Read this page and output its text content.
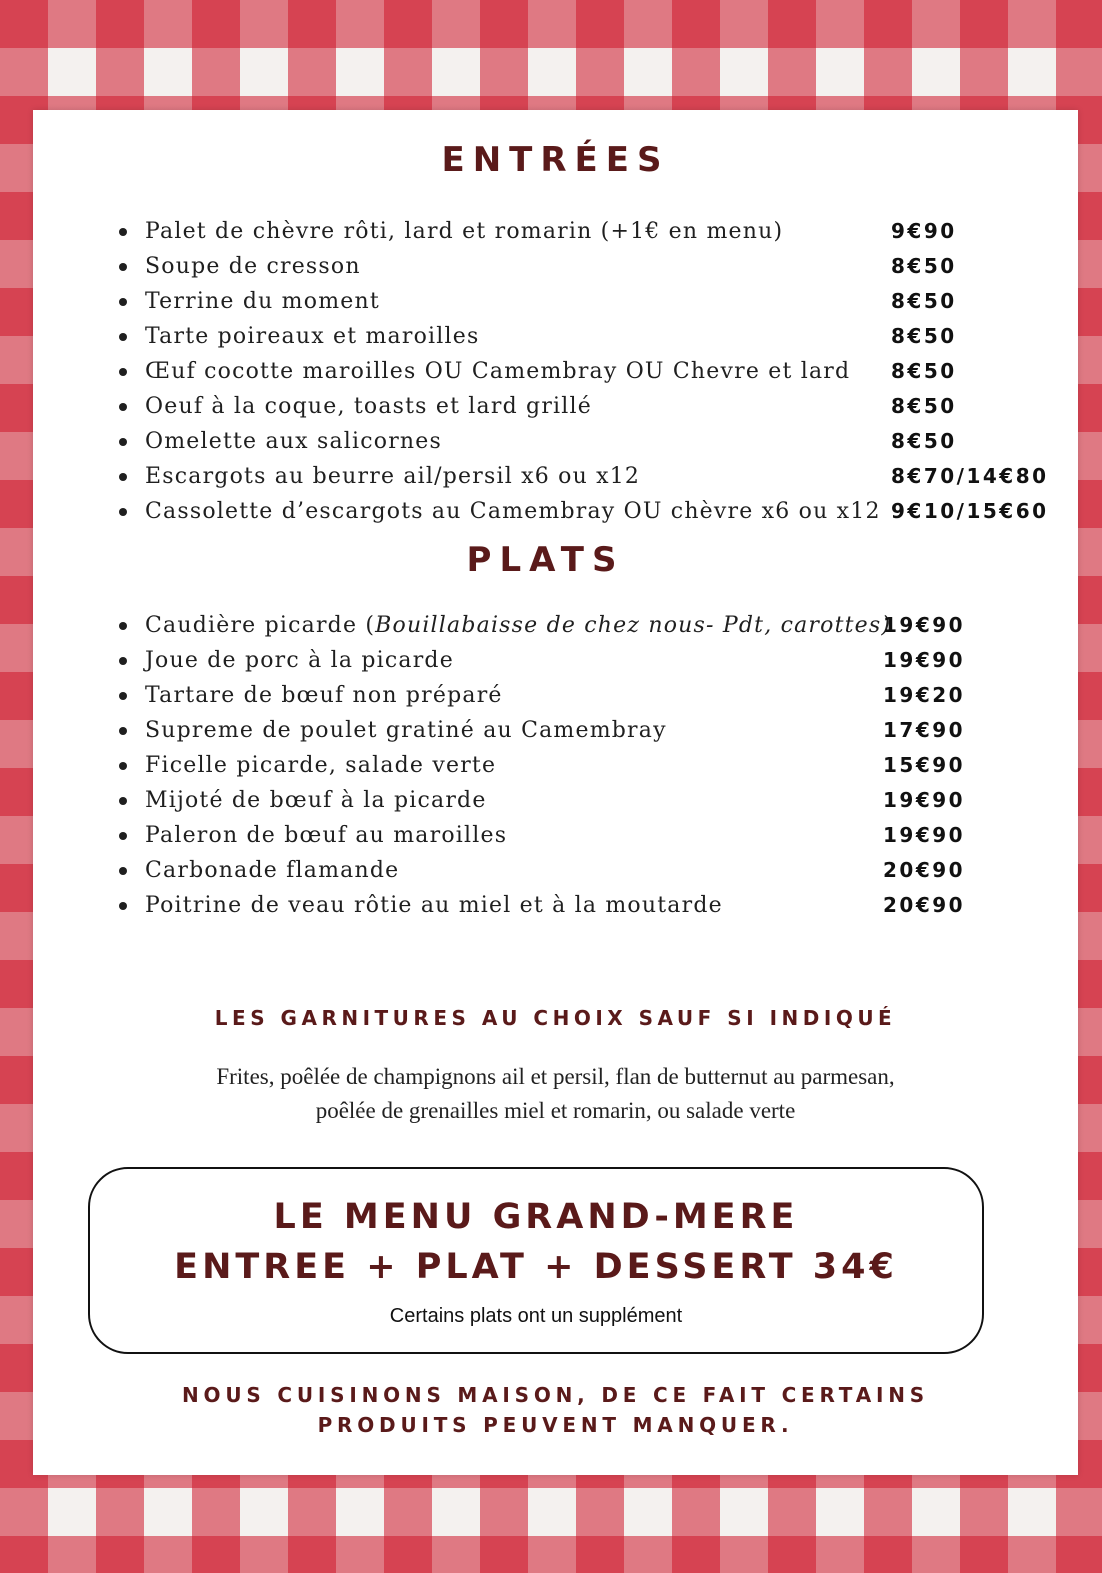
ENTRÉES
Palet de chèvre rôti, lard et romarin (+1€ en menu)	9€90
Soupe de cresson	8€50
Terrine du moment	8€50
Tarte poireaux et maroilles	8€50
Œuf cocotte maroilles OU Camembray OU Chevre et lard 8€50
Oeuf à la coque, toasts et lard grillé	8€50
Omelette aux salicornes	8€50
Escargots au beurre ail/persil x6 ou x12	8€70/14€80
Cassolette d’escargots au Camembray OU chèvre x6 ou x12 9€10/15€60
PLATS
Caudière picarde (Bouillabaisse de chez nous- Pdt, carottes)
19€90
Joue de porc à la picarde	19€90
Tartare de bœuf non préparé	19€20
Supreme de poulet gratiné au Camembray	17€90
Ficelle picarde, salade verte	15€90
Mijoté de bœuf à la picarde	19€90
Paleron de bœuf au maroilles	19€90
Carbonade flamande	20€90
Poitrine de veau rôtie au miel et à la moutarde	20€90
LES GARNITURES AU CHOIX SAUF SI INDIQUÉ
Frites, poêlée de champignons ail et persil, flan de butternut au parmesan,
poêlée de grenailles miel et romarin, ou salade verte
LE MENU GRAND-MERE
ENTREE + PLAT + DESSERT 34€
Certains plats ont un supplément
NOUS CUISINONS MAISON, DE CE FAIT CERTAINS
PRODUITS PEUVENT MANQUER.
